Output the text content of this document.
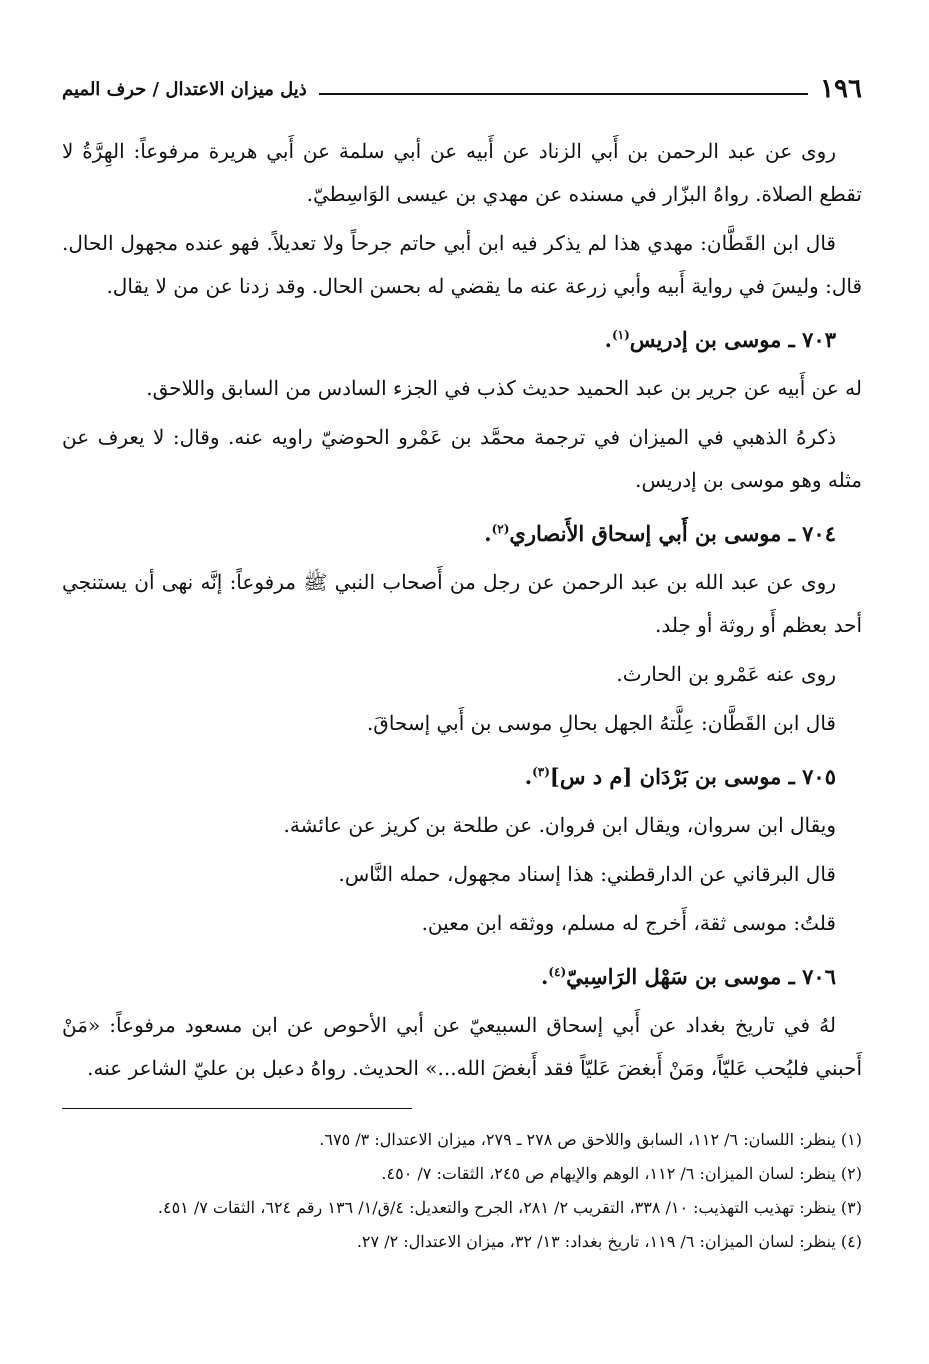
١٩٦
ذيل ميزان الاعتدال / حرف الميم

روى عن عبد الرحمن بن أَبي الزناد عن أَبيه عن أبي سلمة عن أَبي هريرة مرفوعاً: الهِرَّةُ لا تقطع الصلاة. رواهُ البزّار في مسنده عن مهدي بن عيسى الوَاسِطيّ.

قال ابن القَطَّان: مهدي هذا لم يذكر فيه ابن أبي حاتم جرحاً ولا تعديلاً. فهو عنده مجهول الحال. قال: وليسَ في رواية أَبيه وأبي زرعة عنه ما يقضي له بحسن الحال. وقد زدنا عن من لا يقال.

٧٠٣ ـ موسى بن إدريس$^{(١)}$.

له عن أَبيه عن جرير بن عبد الحميد حديث كذب في الجزء السادس من السابق واللاحق.

ذكرهُ الذهبي في الميزان في ترجمة محمَّد بن عَمْرو الحوضيّ راويه عنه. وقال: لا يعرف عن مثله وهو موسى بن إدريس.

٧٠٤ ـ موسى بن أَبي إسحاق الأَنصاري$^{(٢)}$.

روى عن عبد الله بن عبد الرحمن عن رجل من أَصحاب النبي ﷺ مرفوعاً: إنَّه نهى أن يستنجي أحد بعظم أَو روثة أو جلد.

روى عنه عَمْرو بن الحارث.

قال ابن القَطَّان: عِلَّتهُ الجهل بحالِ موسى بن أَبي إسحاقَ.

٧٠٥ ـ موسى بن بَرْدَان [م د س]$^{(٣)}$.

ويقال ابن سروان، ويقال ابن فروان. عن طلحة بن كريز عن عائشة.

قال البرقاني عن الدارقطني: هذا إسناد مجهول، حمله النَّاس.

قلتُ: موسى ثقة، أَخرج له مسلم، ووثقه ابن معين.

٧٠٦ ـ موسى بن سَهْل الرَاسِبيّ$^{(٤)}$.

لهُ في تاريخ بغداد عن أَبي إسحاق السبيعيّ عن أبي الأحوص عن ابن مسعود مرفوعاً: «مَنْ أَحبني فليُحب عَليّاً، ومَنْ أَبغضَ عَليّاً فقد أَبغضَ الله...» الحديث. رواهُ دعبل بن عليّ الشاعر عنه.

(١) ينظر: اللسان: ٦/ ١١٢، السابق واللاحق ص ٢٧٨ ـ ٢٧٩، ميزان الاعتدال: ٣/ ٦٧٥.

(٢) ينظر: لسان الميزان: ٦/ ١١٢، الوهم والإيهام ص ٢٤٥، الثقات: ٧/ ٤٥٠.

(٣) ينظر: تهذيب التهذيب: ١٠/ ٣٣٨، التقريب ٢/ ٢٨١، الجرح والتعديل: ٤/ق/١/ ١٣٦ رقم ٦٢٤، الثقات ٧/ ٤٥١.

(٤) ينظر: لسان الميزان: ٦/ ١١٩، تاريخ بغداد: ١٣/ ٣٢، ميزان الاعتدال: ٢/ ٢٧.
